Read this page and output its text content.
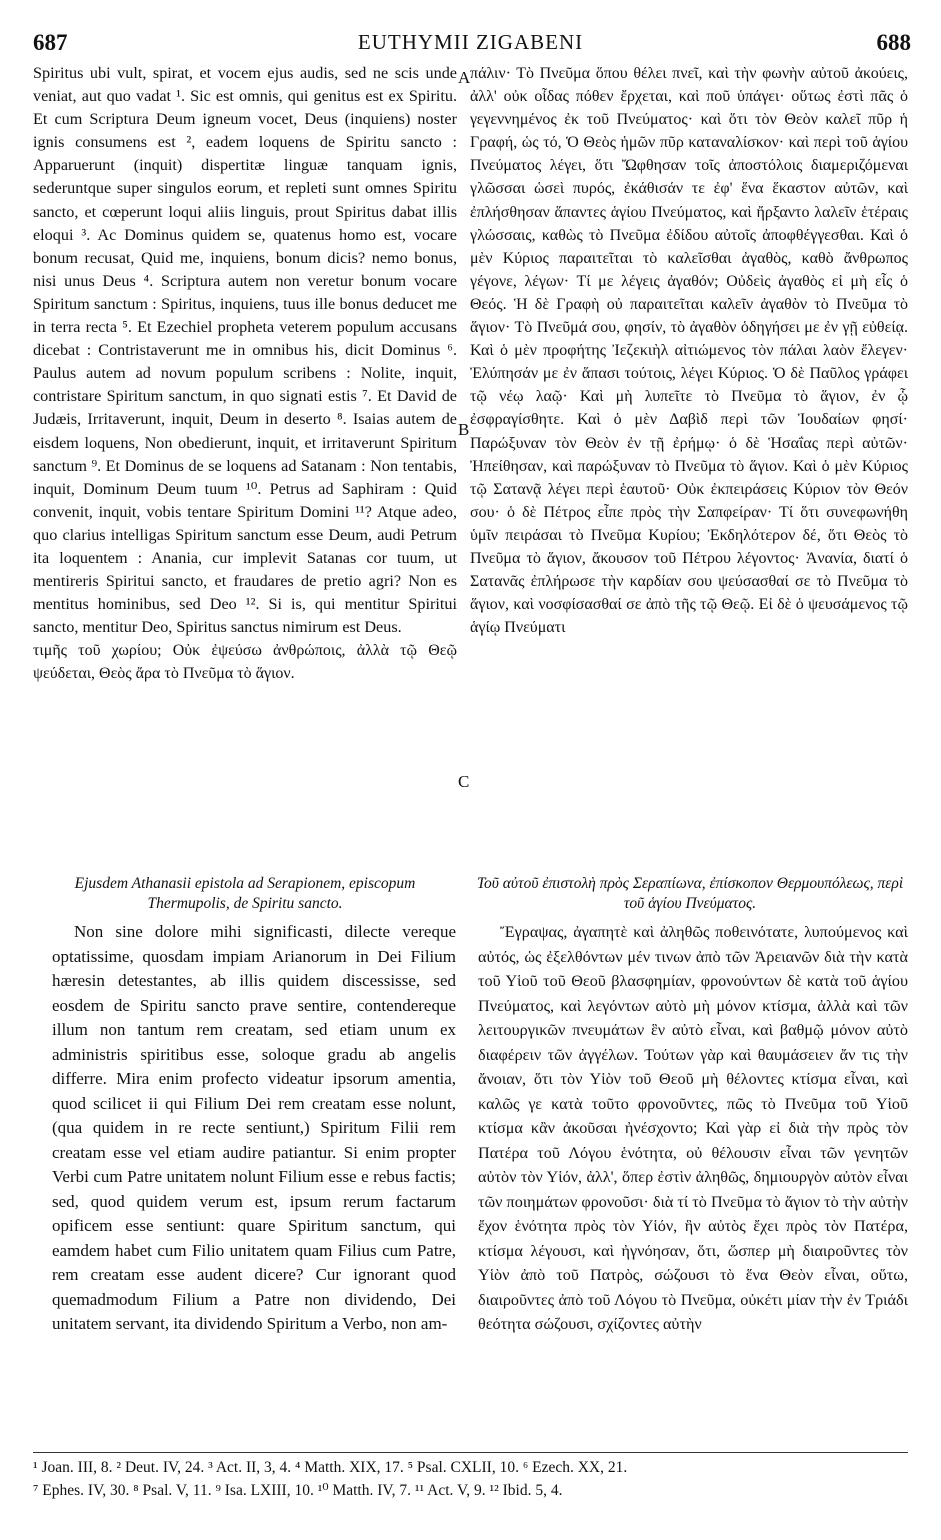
687	EUTHYMII ZIGABENI	688

Spiritus ubi vult, spirat, et vocem ejus audis, sed ne scis unde veniat, aut quo vadat ¹. Sic est omnis, qui genitus est ex Spiritu. Et cum Scriptura Deum igneum vocet, Deus (inquiens) noster ignis consumens est ², eadem loquens de Spiritu sancto : Apparuerunt (inquit) dispertitæ linguæ tanquam ignis, sederuntque super singulos eorum, et repleti sunt omnes Spiritu sancto, et cœperunt loqui aliis linguis, prout Spiritus dabat illis eloqui ³. Ac Dominus quidem se, quatenus homo est, vocare bonum recusat, Quid me, inquiens, bonum dicis? nemo bonus, nisi unus Deus ⁴. Scriptura autem non veretur bonum vocare Spiritum sanctum : Spiritus, inquiens, tuus ille bonus deducet me in terra recta ⁵. Et Ezechiel propheta veterem populum accusans dicebat : Contristaverunt me in omnibus his, dicit Dominus ⁶. Paulus autem ad novum populum scribens : Nolite, inquit, contristare Spiritum sanctum, in quo signati estis ⁷. Et David de Judæis, Irritaverunt, inquit, Deum in deserto ⁸. Isaias autem de eisdem loquens, Non obedierunt, inquit, et irritaverunt Spiritum sanctum ⁹. Et Dominus de se loquens ad Satanam : Non tentabis, inquit, Dominum Deum tuum ¹⁰. Petrus ad Saphiram : Quid convenit, inquit, vobis tentare Spiritum Domini ¹¹? Atque adeo, quo clarius intelligas Spiritum sanctum esse Deum, audi Petrum ita loquentem : Anania, cur implevit Satanas cor tuum, ut mentireris Spiritui sancto, et fraudares de pretio agri? Non es mentitus hominibus, sed Deo ¹². Si is, qui mentitur Spiritui sancto, mentitur Deo, Spiritus sanctus nimirum est Deus.

τιμῆς τοῦ χωρίου; Οὐκ ἐψεύσω ἀνθρώποις, ἀλλὰ τῷ Θεῷ ψεύδεται, Θεὸς ἄρα τὸ Πνεῦμα τὸ ἅγιον.

A
B
C

πάλιν· Τὸ Πνεῦμα ὅπου θέλει πνεῖ, καὶ τὴν φωνὴν αὐτοῦ ἀκούεις, ἀλλ' οὐκ οἶδας πόθεν ἔρχεται, καὶ ποῦ ὑπάγει· οὕτως ἐστὶ πᾶς ὁ γεγεννημένος ἐκ τοῦ Πνεύματος· καὶ ὅτι τὸν Θεὸν καλεῖ πῦρ ἡ Γραφή, ὡς τό, Ὁ Θεὸς ἡμῶν πῦρ καταναλίσκον· καὶ περὶ τοῦ ἁγίου Πνεύματος λέγει, ὅτι Ὤφθησαν τοῖς ἀποστόλοις διαμεριζόμεναι γλῶσσαι ὡσεὶ πυρός, ἐκάθισάν τε ἐφ' ἕνα ἕκαστον αὐτῶν, καὶ ἐπλήσθησαν ἅπαντες ἁγίου Πνεύματος, καὶ ἤρξαντο λαλεῖν ἑτέραις γλώσσαις, καθὼς τὸ Πνεῦμα ἐδίδου αὐτοῖς ἀποφθέγγεσθαι. Καὶ ὁ μὲν Κύριος παραιτεῖται τὸ καλεῖσθαι ἀγαθὸς, καθὸ ἄνθρωπος γέγονε, λέγων· Τί με λέγεις ἀγαθόν; Οὐδεὶς ἀγαθὸς εἰ μὴ εἷς ὁ Θεός. Ἡ δὲ Γραφὴ οὐ παραιτεῖται καλεῖν ἀγαθὸν τὸ Πνεῦμα τὸ ἅγιον· Τὸ Πνεῦμά σου, φησίν, τὸ ἀγαθὸν ὁδηγήσει με ἐν γῇ εὐθείᾳ. Καὶ ὁ μὲν προφήτης Ἰεζεκιὴλ αἰτιώμενος τὸν πάλαι λαὸν ἔλεγεν· Ἐλύπησάν με ἐν ἅπασι τούτοις, λέγει Κύριος. Ὁ δὲ Παῦλος γράφει τῷ νέῳ λαῷ· Καὶ μὴ λυπεῖτε τὸ Πνεῦμα τὸ ἅγιον, ἐν ᾧ ἐσφραγίσθητε. Καὶ ὁ μὲν Δαβὶδ περὶ τῶν Ἰουδαίων φησί· Παρώξυναν τὸν Θεὸν ἐν τῇ ἐρήμῳ· ὁ δὲ Ἡσαΐας περὶ αὐτῶν· Ἠπείθησαν, καὶ παρώξυναν τὸ Πνεῦμα τὸ ἅγιον. Καὶ ὁ μὲν Κύριος τῷ Σατανᾷ λέγει περὶ ἑαυτοῦ· Οὐκ ἐκπειράσεις Κύριον τὸν Θεόν σου· ὁ δὲ Πέτρος εἶπε πρὸς τὴν Σαπφείραν· Τί ὅτι συνεφωνήθη ὑμῖν πειράσαι τὸ Πνεῦμα Κυρίου; Ἐκδηλότερον δέ, ὅτι Θεὸς τὸ Πνεῦμα τὸ ἅγιον, ἄκουσον τοῦ Πέτρου λέγοντος· Ἀνανία, διατί ὁ Σατανᾶς ἐπλήρωσε τὴν καρδίαν σου ψεύσασθαί σε τὸ Πνεῦμα τὸ ἅγιον, καὶ νοσφίσασθαί σε ἀπὸ τῆς τῷ Θεῷ. Εἰ δὲ ὁ ψευσάμενος τῷ ἁγίῳ Πνεύματι

Ejusdem Athanasii epistola ad Serapionem, episcopum Thermupolis, de Spiritu sancto.
Τοῦ αὐτοῦ ἐπιστολὴ πρὸς Σεραπίωνα, ἐπίσκοπον Θερμουπόλεως, περὶ τοῦ ἁγίου Πνεύματος.

Non sine dolore mihi significasti, dilecte vereque optatissime, quosdam impiam Arianorum in Dei Filium hæresin detestantes, ab illis quidem discessisse, sed eosdem de Spiritu sancto prave sentire, contendereque illum non tantum rem creatam, sed etiam unum ex administris spiritibus esse, soloque gradu ab angelis differre. Mira enim profecto videatur ipsorum amentia, quod scilicet ii qui Filium Dei rem creatam esse nolunt, (qua quidem in re recte sentiunt,) Spiritum Filii rem creatam esse vel etiam audire patiantur. Si enim propter Verbi cum Patre unitatem nolunt Filium esse e rebus factis; sed, quod quidem verum est, ipsum rerum factarum opificem esse sentiunt: quare Spiritum sanctum, qui eamdem habet cum Filio unitatem quam Filius cum Patre, rem creatam esse audent dicere? Cur ignorant quod quemadmodum Filium a Patre non dividendo, Dei unitatem servant, ita dividendo Spiritum a Verbo, non am-

Ἔγραψας, ἀγαπητὲ καὶ ἀληθῶς ποθεινότατε, λυπούμενος καὶ αὐτός, ὡς ἐξελθόντων μέν τινων ἀπὸ τῶν Ἀρειανῶν διὰ τὴν κατὰ τοῦ Υἱοῦ τοῦ Θεοῦ βλασφημίαν, φρονούντων δὲ κατὰ τοῦ ἁγίου Πνεύματος, καὶ λεγόντων αὐτὸ μὴ μόνον κτίσμα, ἀλλὰ καὶ τῶν λειτουργικῶν πνευμάτων ἓν αὐτὸ εἶναι, καὶ βαθμῷ μόνον αὐτὸ διαφέρειν τῶν ἀγγέλων. Τούτων γὰρ καὶ θαυμάσειεν ἄν τις τὴν ἄνοιαν, ὅτι τὸν Υἱὸν τοῦ Θεοῦ μὴ θέλοντες κτίσμα εἶναι, καὶ καλῶς γε κατὰ τοῦτο φρονοῦντες, πῶς τὸ Πνεῦμα τοῦ Υἱοῦ κτίσμα κἂν ἀκοῦσαι ἠνέσχοντο; Καὶ γὰρ εἰ διὰ τὴν πρὸς τὸν Πατέρα τοῦ Λόγου ἑνότητα, οὐ θέλουσιν εἶναι τῶν γενητῶν αὐτὸν τὸν Υἱόν, ἀλλ', ὅπερ ἐστὶν ἀληθῶς, δημιουργὸν αὐτὸν εἶναι τῶν ποιημάτων φρονοῦσι· διὰ τί τὸ Πνεῦμα τὸ ἅγιον τὸ τὴν αὐτὴν ἔχον ἑνότητα πρὸς τὸν Υἱόν, ἣν αὐτὸς ἔχει πρὸς τὸν Πατέρα, κτίσμα λέγουσι, καὶ ἠγνόησαν, ὅτι, ὥσπερ μὴ διαιροῦντες τὸν Υἱὸν ἀπὸ τοῦ Πατρὸς, σώζουσι τὸ ἕνα Θεὸν εἶναι, οὕτω, διαιροῦντες ἀπὸ τοῦ Λόγου τὸ Πνεῦμα, οὐκέτι μίαν τὴν ἐν Τριάδι θεότητα σώζουσι, σχίζοντες αὐτὴν

¹ Joan. III, 8. ² Deut. IV, 24. ³ Act. II, 3, 4. ⁴ Matth. XIX, 17. ⁵ Psal. CXLII, 10. ⁶ Ezech. XX, 21.
⁷ Ephes. IV, 30. ⁸ Psal. V, 11. ⁹ Isa. LXIII, 10. ¹⁰ Matth. IV, 7. ¹¹ Act. V, 9. ¹² Ibid. 5, 4.
